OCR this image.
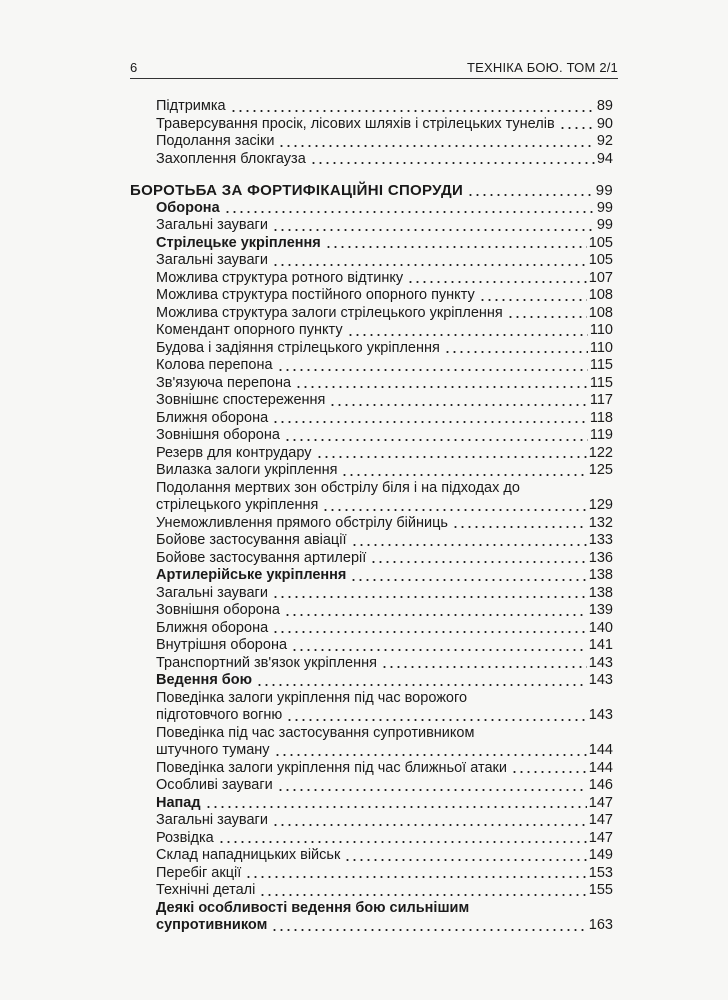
6	ТЕХНІКА БОЮ. ТОМ 2/1
Підтримка	89
Траверсування просік, лісових шляхів і стрілецьких тунелів	90
Подолання засіки	92
Захоплення блокгауза	94
БОРОТЬБА ЗА ФОРТИФІКАЦІЙНІ СПОРУДИ	99
Оборона	99
Загальні зауваги	99
Стрілецьке укріплення	105
Загальні зауваги	105
Можлива структура ротного відтинку	107
Можлива структура постійного опорного пункту	108
Можлива структура залоги стрілецького укріплення	108
Комендант опорного пункту	110
Будова і задіяння стрілецького укріплення	110
Колова перепона	115
Зв'язуюча перепона	115
Зовнішнє спостереження	117
Ближня оборона	118
Зовнішня оборона	119
Резерв для контрудару	122
Вилазка залоги укріплення	125
Подолання мертвих зон обстрілу біля і на підходах до
стрілецького укріплення	129
Унеможливлення прямого обстрілу бійниць	132
Бойове застосування авіації	133
Бойове застосування артилерії	136
Артилерійське укріплення	138
Загальні зауваги	138
Зовнішня оборона	139
Ближня оборона	140
Внутрішня оборона	141
Транспортний зв'язок укріплення	143
Ведення бою	143
Поведінка залоги укріплення під час ворожого
підготовчого вогню	143
Поведінка під час застосування супротивником
штучного туману	144
Поведінка залоги укріплення під час ближньої атаки	144
Особливі зауваги	146
Напад	147
Загальні зауваги	147
Розвідка	147
Склад нападницьких військ	149
Перебіг акції	153
Технічні деталі	155
Деякі особливості ведення бою сильнішим
супротивником	163
